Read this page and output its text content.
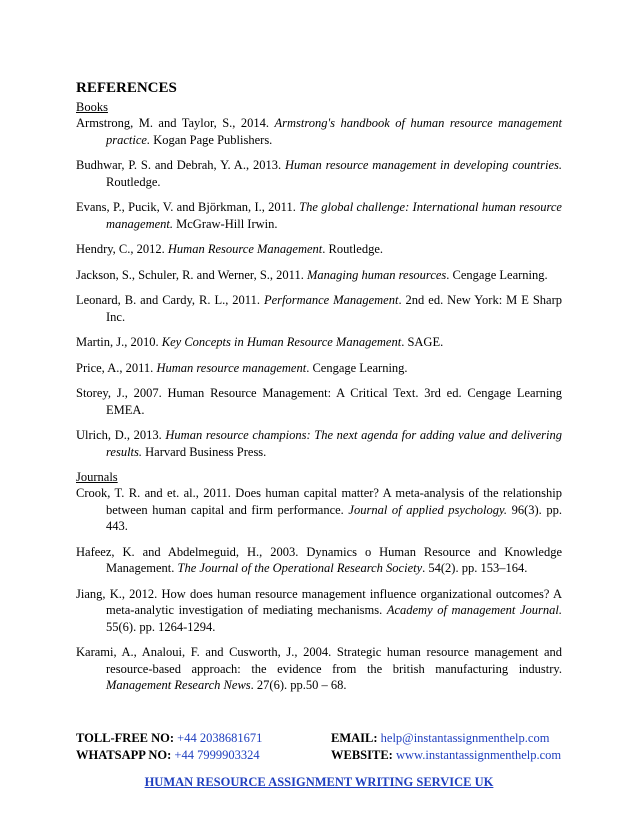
REFERENCES
Books
Armstrong, M. and Taylor, S., 2014. Armstrong's handbook of human resource management practice. Kogan Page Publishers.
Budhwar, P. S. and Debrah, Y. A., 2013. Human resource management in developing countries. Routledge.
Evans, P., Pucik, V. and Björkman, I., 2011. The global challenge: International human resource management. McGraw-Hill Irwin.
Hendry, C., 2012. Human Resource Management. Routledge.
Jackson, S., Schuler, R. and Werner, S., 2011. Managing human resources. Cengage Learning.
Leonard, B. and Cardy, R. L., 2011. Performance Management. 2nd ed. New York: M E Sharp Inc.
Martin, J., 2010. Key Concepts in Human Resource Management. SAGE.
Price, A., 2011. Human resource management. Cengage Learning.
Storey, J., 2007. Human Resource Management: A Critical Text. 3rd ed. Cengage Learning EMEA.
Ulrich, D., 2013. Human resource champions: The next agenda for adding value and delivering results. Harvard Business Press.
Journals
Crook, T. R. and et. al., 2011. Does human capital matter? A meta-analysis of the relationship between human capital and firm performance. Journal of applied psychology. 96(3). pp. 443.
Hafeez, K. and Abdelmeguid, H., 2003. Dynamics o Human Resource and Knowledge Management. The Journal of the Operational Research Society. 54(2). pp. 153–164.
Jiang, K., 2012. How does human resource management influence organizational outcomes? A meta-analytic investigation of mediating mechanisms. Academy of management Journal. 55(6). pp. 1264-1294.
Karami, A., Analoui, F. and Cusworth, J., 2004. Strategic human resource management and resource-based approach: the evidence from the british manufacturing industry. Management Research News. 27(6). pp.50 – 68.
TOLL-FREE NO: +44 2038681671	EMAIL: help@instantassignmenthelp.com
WHATSAPP NO: +44 7999903324	WEBSITE: www.instantassignmenthelp.com
HUMAN RESOURCE ASSIGNMENT WRITING SERVICE UK
